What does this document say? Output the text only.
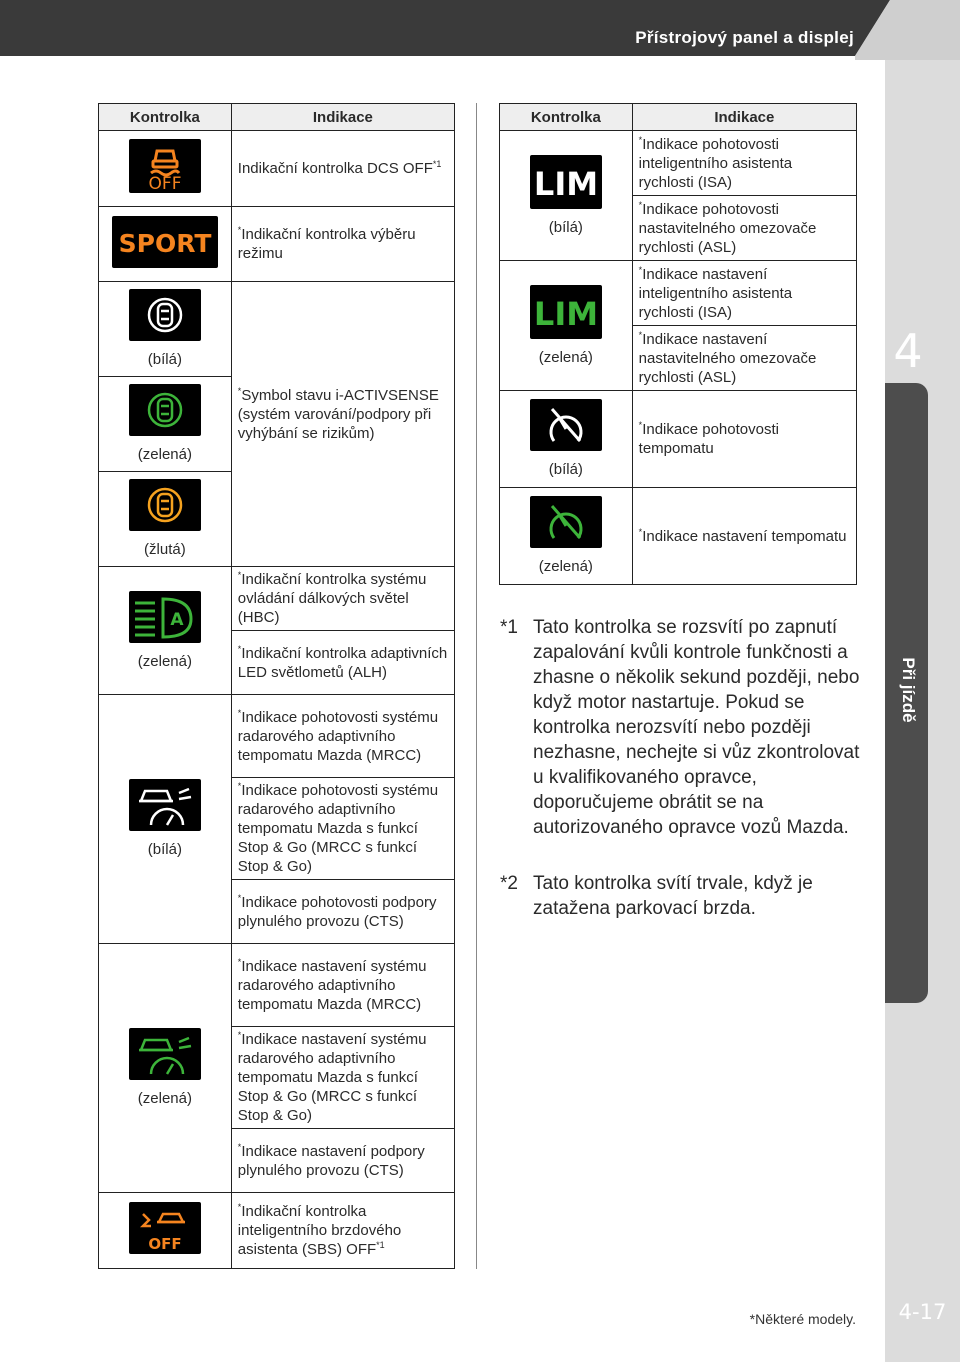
Přístrojový panel a displej
4
Při jízdě
4-17
Kontrolka	Indikace

OFF	Indikační kontrolka DCS OFF$^{*1}$

SPORT	*Indikační kontrolka výběru režimu

(bílá)	*Symbol stavu i-ACTIVSENSE (systém varování/podpory při vyhýbání se rizikům)

(zelená)	

(žlutá)	

A
(zelená)	*Indikační kontrolka systému ovládání dálkových světel (HBC)
	*Indikační kontrolka adaptivních LED světlometů (ALH)

(bílá)	*Indikace pohotovosti systému radarového adaptivního tempomatu Mazda (MRCC)
	*Indikace pohotovosti systému radarového adaptivního tempomatu Mazda s funkcí Stop & Go (MRCC s funkcí Stop & Go)
	*Indikace pohotovosti podpory plynulého provozu (CTS)

(zelená)	*Indikace nastavení systému radarového adaptivního tempomatu Mazda (MRCC)
	*Indikace nastavení systému radarového adaptivního tempomatu Mazda s funkcí Stop & Go (MRCC s funkcí Stop & Go)
	*Indikace nastavení podpory plynulého provozu (CTS)

OFF	*Indikační kontrolka inteligentního brzdového asistenta (SBS) OFF$^{*1}$
Kontrolka	Indikace

LIM
(bílá)	*Indikace pohotovosti inteligentního asistenta rychlosti (ISA)
	*Indikace pohotovosti nastavitelného omezovače rychlosti (ASL)

LIM
(zelená)	*Indikace nastavení inteligentního asistenta rychlosti (ISA)
	*Indikace nastavení nastavitelného omezovače rychlosti (ASL)

(bílá)	*Indikace pohotovosti tempomatu

(zelená)	*Indikace nastavení tempomatu
*1 Tato kontrolka se rozsvítí po zapnutí zapalování kvůli kontrole funkčnosti a zhasne o několik sekund později, nebo když motor nastartuje. Pokud se kontrolka nerozsvítí nebo později nezhasne, nechejte si vůz zkontrolovat u kvalifikovaného opravce, doporučujeme obrátit se na autorizovaného opravce vozů Mazda.
*2 Tato kontrolka svítí trvale, když je zatažena parkovací brzda.
*Některé modely.
